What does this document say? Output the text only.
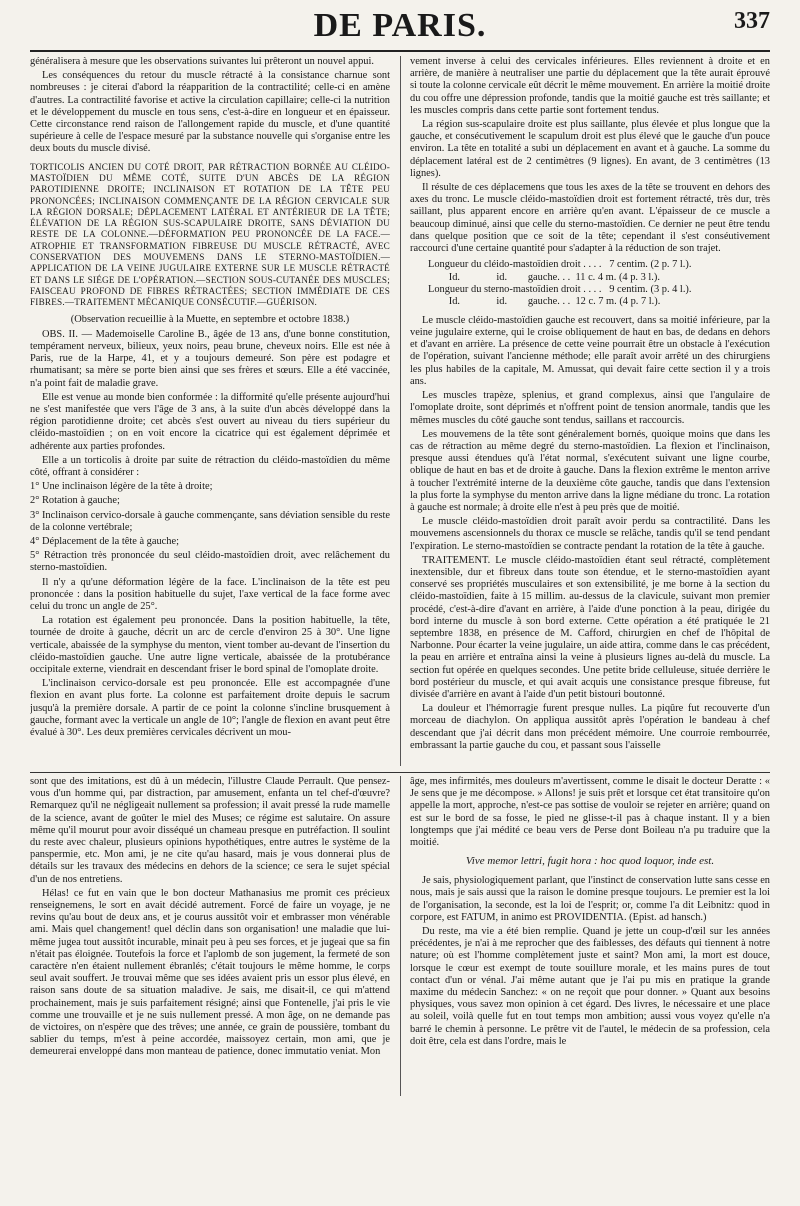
DE PARIS.	337

généralisera à mesure que les observations suivantes lui prêteront un nouvel appui.

Les conséquences du retour du muscle rétracté à la consistance charnue sont nombreuses : je citerai d'abord la réapparition de la contractilité; celle-ci en amène d'autres. La contractilité favorise et active la circulation capillaire; celle-ci la nutrition et le développement du muscle en tous sens, c'est-à-dire en longueur et en épaisseur. Cette circonstance rend raison de l'allongement rapide du muscle, et d'une quantité supérieure à celle de l'espace mesuré par la substance nouvelle qui s'organise entre les deux bouts du muscle divisé.

TORTICOLIS ANCIEN DU COTÉ DROIT, PAR RÉTRACTION BORNÉE AU CLÉIDO-MASTOÏDIEN DU MÊME COTÉ, SUITE D'UN ABCÈS DE LA RÉGION PAROTIDIENNE DROITE; INCLINAISON ET ROTATION DE LA TÊTE PEU PRONONCÉES; INCLINAISON COMMENÇANTE DE LA RÉGION CERVICALE SUR LA RÉGION DORSALE; DÉPLACEMENT LATÉRAL ET ANTÉRIEUR DE LA TÊTE; ÉLÉVATION DE LA RÉGION SUS-SCAPULAIRE DROITE, SANS DÉVIATION DU RESTE DE LA COLONNE.—DÉFORMATION PEU PRONONCÉE DE LA FACE.—ATROPHIE ET TRANSFORMATION FIBREUSE DU MUSCLE RÉTRACTÉ, AVEC CONSERVATION DES MOUVEMENS DANS LE STERNO-MASTOÏDIEN.—APPLICATION DE LA VEINE JUGULAIRE EXTERNE SUR LE MUSCLE RÉTRACTÉ ET DANS LE SIÉGE DE L'OPÉRATION.—SECTION SOUS-CUTANÉE DES MUSCLES; FAISCEAU PROFOND DE FIBRES RÉTRACTÉES; SECTION IMMÉDIATE DE CES FIBRES.—TRAITEMENT MÉCANIQUE CONSÉCUTIF.—GUÉRISON.

(Observation recueillie à la Muette, en septembre et octobre 1838.)

OBS. II. — Mademoiselle Caroline B., âgée de 13 ans, d'une bonne constitution, tempérament nerveux, bilieux, yeux noirs, peau brune, cheveux noirs. Elle est née à Paris, rue de la Harpe, 41, et y a toujours demeuré. Son père est podagre et rhumatisant; sa mère se porte bien ainsi que ses frères et sœurs. Elle a été vaccinée, n'a point fait de maladie grave.

Elle est venue au monde bien conformée : la difformité qu'elle présente aujourd'hui ne s'est manifestée que vers l'âge de 3 ans, à la suite d'un abcès développé dans la région parotidienne droite; cet abcès s'est ouvert au niveau du tiers supérieur du cléido-mastoïdien ; on en voit encore la cicatrice qui est également déprimée et adhérente aux parties profondes.

Elle a un torticolis à droite par suite de rétraction du cléido-mastoïdien du même côté, offrant à considérer :

1° Une inclinaison légère de la tête à droite;

2° Rotation à gauche;

3° Inclinaison cervico-dorsale à gauche commençante, sans déviation sensible du reste de la colonne vertébrale;

4° Déplacement de la tête à gauche;

5° Rétraction très prononcée du seul cléido-mastoïdien droit, avec relâchement du sterno-mastoïdien.

Il n'y a qu'une déformation légère de la face. L'inclinaison de la tête est peu prononcée : dans la position habituelle du sujet, l'axe vertical de la face forme avec celui du tronc un angle de 25°.

La rotation est également peu prononcée. Dans la position habituelle, la tête, tournée de droite à gauche, décrit un arc de cercle d'environ 25 à 30°. Une ligne verticale, abaissée de la symphyse du menton, vient tomber au-devant de l'insertion du cléido-mastoïdien gauche. Une autre ligne verticale, abaissée de la protubérance occipitale externe, viendrait en descendant friser le bord spinal de l'omoplate droite.

L'inclinaison cervico-dorsale est peu prononcée. Elle est accompagnée d'une flexion en avant plus forte. La colonne est parfaitement droite depuis le sacrum jusqu'à la première dorsale. A partir de ce point la colonne s'incline brusquement à gauche, formant avec la verticale un angle de 10°; l'angle de flexion en avant peut être évalué à 30°. Les deux premières cervicales décrivent un mou-

vement inverse à celui des cervicales inférieures. Elles reviennent à droite et en arrière, de manière à neutraliser une partie du déplacement que la tête aurait éprouvé si toute la colonne cervicale eût décrit le même mouvement. En arrière la moitié droite du cou offre une dépression profonde, tandis que la moitié gauche est très saillante; et les muscles compris dans cette partie sont fortement tendus.

La région sus-scapulaire droite est plus saillante, plus élevée et plus longue que la gauche, et consécutivement le scapulum droit est plus élevé que le gauche d'un pouce environ. La tête en totalité a subi un déplacement en avant et à gauche. La somme du déplacement latéral est de 2 centimètres (9 lignes). En avant, de 3 centimètres (13 lignes).

Il résulte de ces déplacemens que tous les axes de la tête se trouvent en dehors des axes du tronc. Le muscle cléido-mastoïdien droit est fortement rétracté, très dur, très saillant, plus apparent encore en arrière qu'en avant. L'épaisseur de ce muscle a beaucoup diminué, ainsi que celle du sterno-mastoïdien. Ce dernier ne peut être tendu dans quelque position que ce soit de la tête; cependant il s'est conséutivement raccourci d'une certaine quantité pour s'adapter à la réduction de son trajet.

Longueur du cléido-mastoïdien droit . . . .   7 centim. (2 p. 7 l.).
Id.              id.        gauche. . .  11 c. 4 m. (4 p. 3 l.).
Longueur du sterno-mastoïdien droit . . . .   9 centim. (3 p. 4 l.).
Id.              id.        gauche. . .  12 c. 7 m. (4 p. 7 l.).

Le muscle cléido-mastoïdien gauche est recouvert, dans sa moitié inférieure, par la veine jugulaire externe, qui le croise obliquement de haut en bas, de dedans en dehors et d'avant en arrière. La présence de cette veine pourrait être un obstacle à l'exécution de l'opération, suivant l'ancienne méthode; elle paraît avoir arrêté un des chirurgiens les plus habiles de la capitale, M. Amussat, qui devait faire cette section il y a trois ans.

Les muscles trapèze, splenius, et grand complexus, ainsi que l'angulaire de l'omoplate droite, sont déprimés et n'offrent point de tension anormale, tandis que les mêmes muscles du côté gauche sont tendus, saillans et raccourcis.

Les mouvemens de la tête sont généralement bornés, quoique moins que dans les cas de rétraction au même degré du sterno-mastoïdien. La flexion et l'inclinaison, presque aussi étendues qu'à l'état normal, s'exécutent suivant une ligne courbe, oblique de haut en bas et de droite à gauche. Dans la flexion extrême le menton arrive à toucher l'extrémité interne de la deuxième côte gauche, tandis que dans l'extension la plus forte la symphyse du menton arrive dans la ligne médiane du tronc. La rotation à gauche est normale; à droite elle n'est à peu près que de moitié.

Le muscle cléido-mastoïdien droit paraît avoir perdu sa contractilité. Dans les mouvemens ascensionnels du thorax ce muscle se relâche, tandis qu'il se tend pendant l'expiration. Le sterno-mastoïdien se contracte pendant la rotation de la tête à gauche.

TRAITEMENT. Le muscle cléido-mastoïdien étant seul rétracté, complètement inextensible, dur et fibreux dans toute son étendue, et le sterno-mastoïdien ayant conservé ses propriétés musculaires et son extensibilité, je me borne à la section du cléido-mastoïdien, faite à 15 millim. au-dessus de la clavicule, suivant mon premier procédé, c'est-à-dire d'avant en arrière, à l'aide d'une ponction à la peau, dirigée du bord interne du muscle à son bord externe. Cette opération a été pratiquée le 21 septembre 1838, en présence de M. Cafford, chirurgien en chef de l'hôpital de Narbonne. Pour écarter la veine jugulaire, un aide attira, comme dans le cas précédent, la peau en arrière et entraîna ainsi la veine à plusieurs lignes au-delà du muscle. La section fut opérée en quelques secondes. Une petite bride celluleuse, située derrière le bord postérieur du muscle, et qui avait acquis une consistance presque fibreuse, fut divisée d'arrière en avant à l'aide d'un petit bistouri boutonné.

La douleur et l'hémorragie furent presque nulles. La piqûre fut recouverte d'un morceau de diachylon. On appliqua aussitôt après l'opération le bandeau à chef descendant que j'ai décrit dans mon précédent mémoire. Une courroie rembourrée, embrassant la partie gauche du cou, et passant sous l'aisselle

sont que des imitations, est dû à un médecin, l'illustre Claude Perrault. Que pensez-vous d'un homme qui, par distraction, par amusement, enfanta un tel chef-d'œuvre? Remarquez qu'il ne négligeait nullement sa profession; il avait pressé la rude mamelle de la science, avant de goûter le miel des Muses; ce régime est salutaire. On assure même qu'il mourut pour avoir disséqué un chameau presque en putréfaction. Il soulint du reste avec chaleur, plusieurs opinions hypothétiques, entre autres le système de la panspermie, etc. Mon ami, je ne cite qu'au hasard, mais je vous donnerai plus de détails sur les travaux des médecins en dehors de la science; ce sera le sujet spécial d'un de nos entretiens.

Hélas! ce fut en vain que le bon docteur Mathanasius me promit ces précieux renseignemens, le sort en avait décidé autrement. Forcé de faire un voyage, je ne revins qu'au bout de deux ans, et je courus aussitôt voir et embrasser mon vénérable ami. Mais quel changement! quel déclin dans son organisation! une maladie que lui-même jugea tout aussitôt incurable, minait peu à peu ses forces, et je jugeai que sa fin n'était pas éloignée. Toutefois la force et l'aplomb de son jugement, la fermeté de son caractère n'en étaient nullement ébranlés; c'était toujours le même homme, le corps seul avait souffert. Je trouvai même que ses idées avaient pris un essor plus élevé, en raison sans doute de sa situation maladive. Je sais, me disait-il, ce qui m'attend prochainement, mais je suis parfaitement résigné; ainsi que Fontenelle, j'ai pris le vie comme une trouvaille et je ne suis nullement pressé. A mon âge, on ne demande pas de victoires, on n'espère que des trêves; une année, ce grain de poussière, tombant du sablier du temps, m'est à peine accordée, maissoyez certain, mon ami, que je demeurerai enveloppé dans mon manteau de patience, donec immutatio veniat. Mon

âge, mes infirmités, mes douleurs m'avertissent, comme le disait le docteur Deratte : « Je sens que je me décompose. » Allons! je suis prêt et lorsque cet état transitoire qu'on appelle la mort, approche, n'est-ce pas sottise de vouloir se rejeter en arrière; quand on est sur le bord de sa fosse, le pied ne glisse-t-il pas à chaque instant. Il y a bien longtemps que j'ai médité ce beau vers de Perse dont Boileau n'a pu traduire que la moitié.

Vive memor lettri, fugit hora : hoc quod loquor, inde est.

Je sais, physiologiquement parlant, que l'instinct de conservation lutte sans cesse en nous, mais je sais aussi que la raison le domine presque toujours. Le premier est la loi de l'organisation, la seconde, est la loi de l'esprit; or, comme l'a dit Leibnitz: quod in corpore, est FATUM, in animo est PROVIDENTIA. (Epist. ad hansch.)

Du reste, ma vie a été bien remplie. Quand je jette un coup-d'œil sur les années précédentes, je n'ai à me reprocher que des faiblesses, des défauts qui tiennent à notre nature; où est l'homme complètement juste et saint? Mon ami, la mort est douce, lorsque le cœur est exempt de toute souillure morale, et les mains pures de tout contact d'un or vénal. J'ai même autant que je l'ai pu mis en pratique la grande maxime du médecin Sanchez: « on ne reçoit que pour donner. » Quant aux besoins physiques, vous savez mon opinion à cet égard. Des livres, le nécessaire et une place au soleil, voilà quelle fut en tout temps mon ambition; aussi vous voyez qu'elle n'a barré le chemin à personne. Le prêtre vit de l'autel, le médecin de sa profession, cela doit être, cela est dans l'ordre, mais le
